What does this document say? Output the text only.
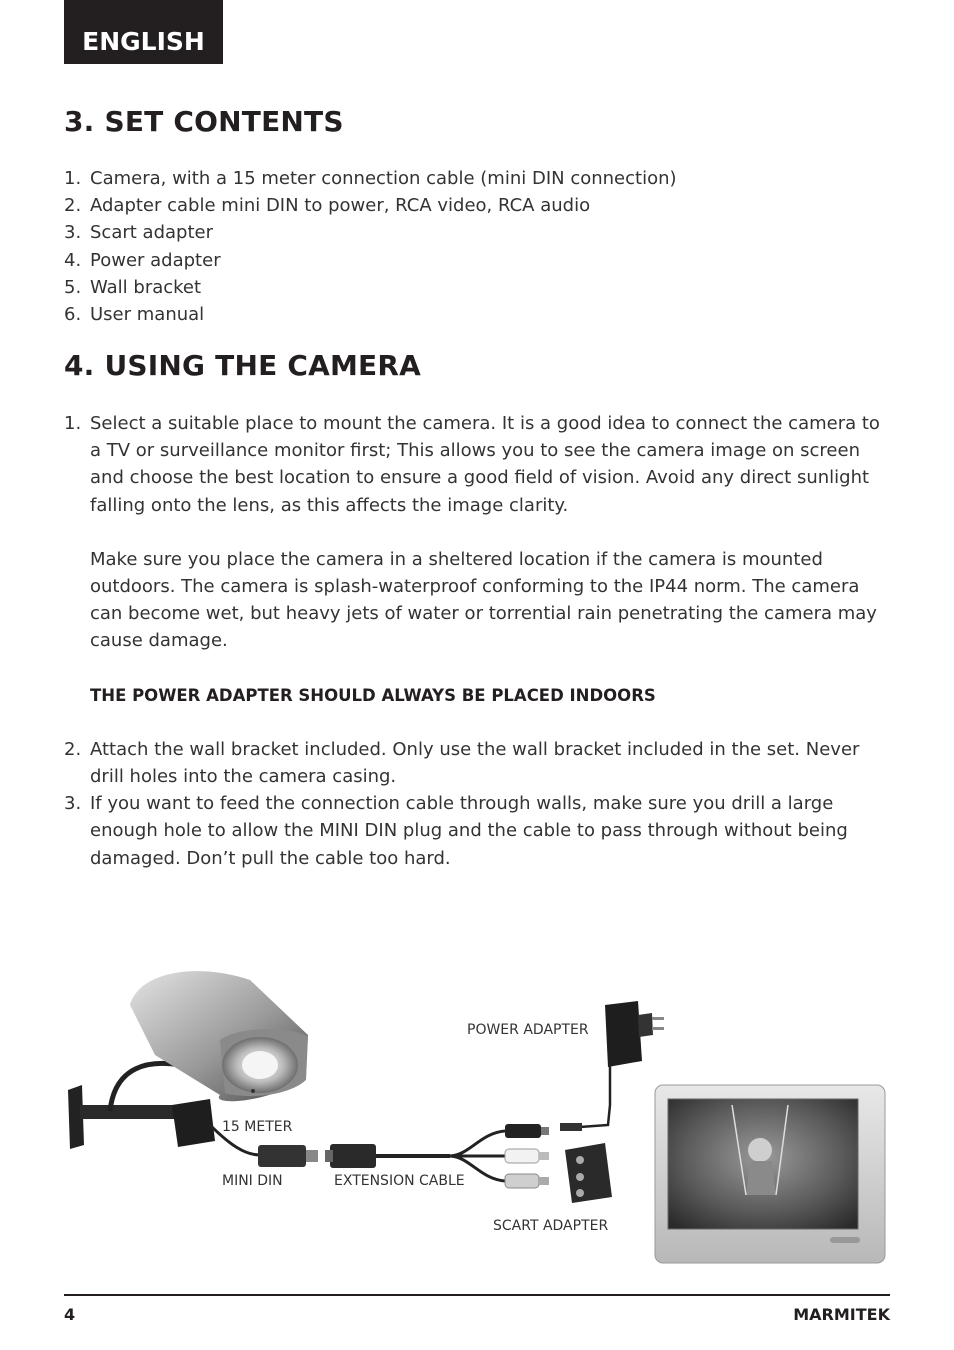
ENGLISH
3. SET CONTENTS
1. Camera, with a 15 meter connection cable (mini DIN connection)
2. Adapter cable mini DIN to power, RCA video, RCA audio
3. Scart adapter
4. Power adapter
5. Wall bracket
6. User manual
4. USING THE CAMERA
1. Select a suitable place to mount the camera. It is a good idea to connect the camera to a TV or surveillance monitor first; This allows you to see the camera image on screen and choose the best location to ensure a good field of vision. Avoid any direct sunlight falling onto the lens, as this affects the image clarity.
Make sure you place the camera in a sheltered location if the camera is mounted outdoors. The camera is splash-waterproof conforming to the IP44 norm. The camera can become wet, but heavy jets of water or torrential rain penetrating the camera may cause damage.
THE POWER ADAPTER SHOULD ALWAYS BE PLACED INDOORS
2. Attach the wall bracket included. Only use the wall bracket included in the set. Never drill holes into the camera casing.
3. If you want to feed the connection cable through walls, make sure you drill a large enough hole to allow the MINI DIN plug and the cable to pass through without being damaged. Don’t pull the cable too hard.
POWER ADAPTER
15 METER
MINI DIN	EXTENSION CABLE
SCART ADAPTER
4	MARMITEK
